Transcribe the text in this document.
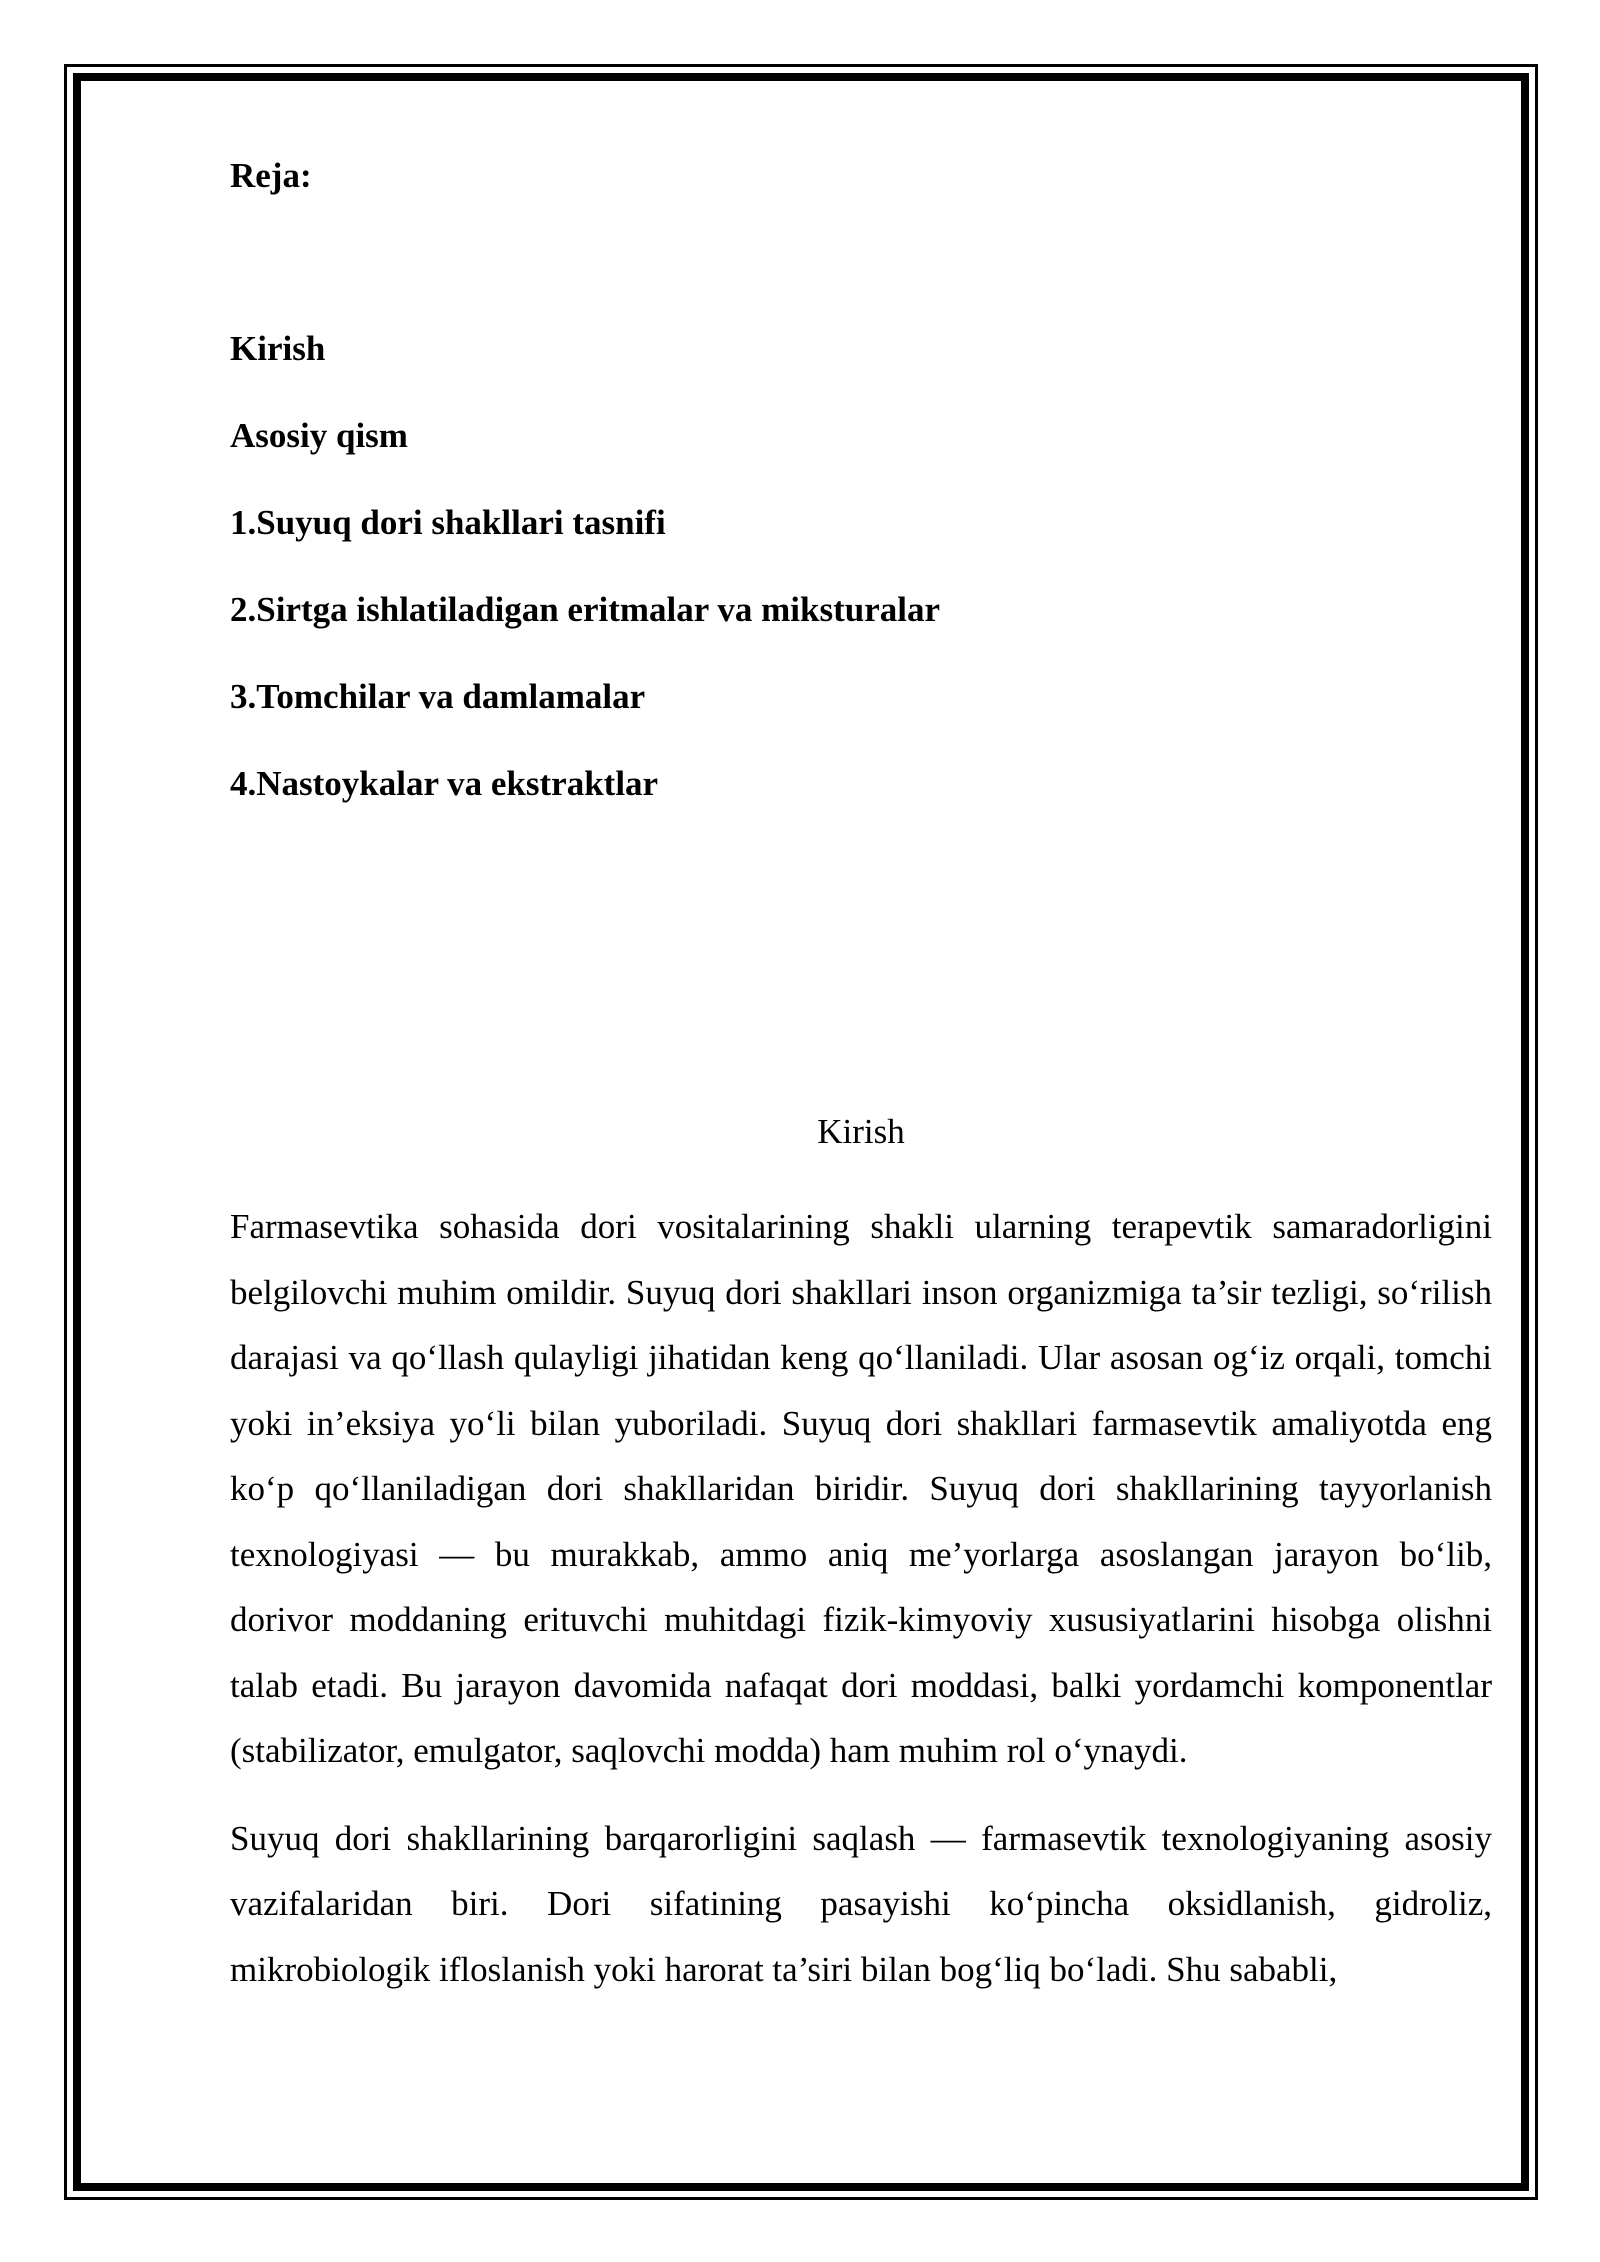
Reja:
Kirish
Asosiy qism
1.Suyuq dori shakllari tasnifi
2.Sirtga ishlatiladigan eritmalar va miksturalar
3.Tomchilar va damlamalar
4.Nastoykalar va ekstraktlar
Kirish

Farmasevtika sohasida dori vositalarining shakli ularning terapevtik samaradorligini belgilovchi muhim omildir. Suyuq dori shakllari inson organizmiga ta’sir tezligi, so‘rilish darajasi va qo‘llash qulayligi jihatidan keng qo‘llaniladi. Ular asosan og‘iz orqali, tomchi yoki in’eksiya yo‘li bilan yuboriladi. Suyuq dori shakllari farmasevtik amaliyotda eng ko‘p qo‘llaniladigan dori shakllaridan biridir. Suyuq dori shakllarining tayyorlanish texnologiyasi — bu murakkab, ammo aniq me’yorlarga asoslangan jarayon bo‘lib, dorivor moddaning erituvchi muhitdagi fizik-kimyoviy xususiyatlarini hisobga olishni talab etadi. Bu jarayon davomida nafaqat dori moddasi, balki yordamchi komponentlar (stabilizator, emulgator, saqlovchi modda) ham muhim rol o‘ynaydi.

Suyuq dori shakllarining barqarorligini saqlash — farmasevtik texnologiyaning asosiy vazifalaridan biri. Dori sifatining pasayishi ko‘pincha oksidlanish, gidroliz, mikrobiologik ifloslanish yoki harorat ta’siri bilan bog‘liq bo‘ladi. Shu sababli,
